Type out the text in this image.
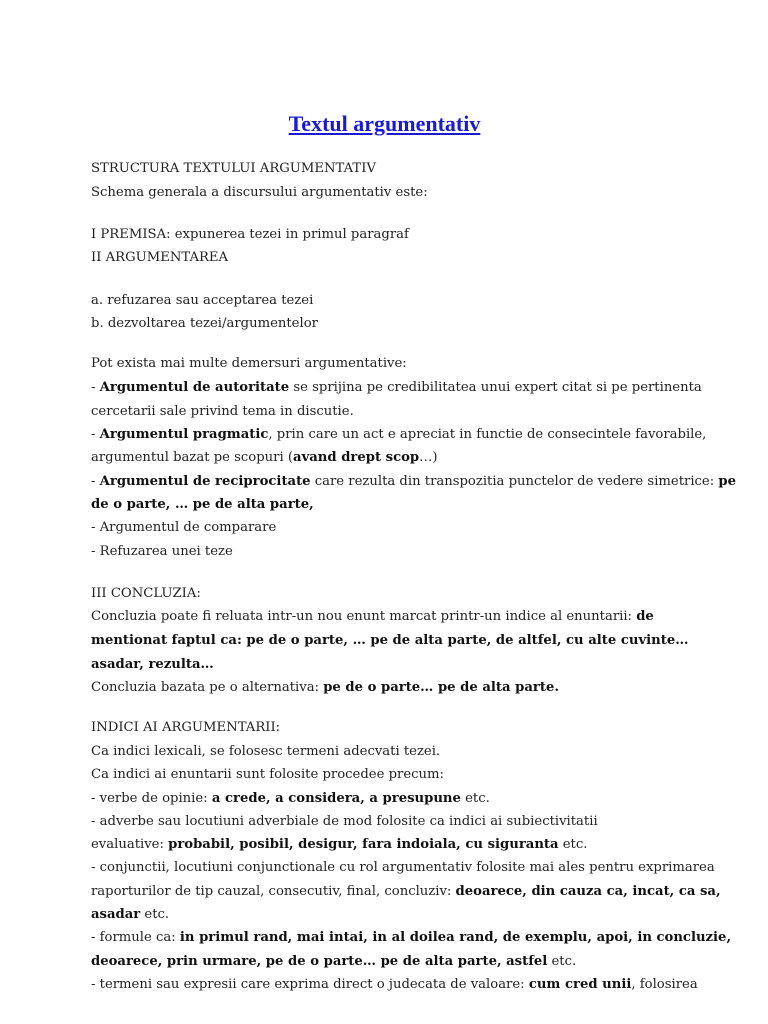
Textul argumentativ
STRUCTURA TEXTULUI ARGUMENTATIV
Schema generala a discursului argumentativ este:
I PREMISA: expunerea tezei in primul paragraf
II ARGUMENTAREA
a. refuzarea sau acceptarea tezei
b. dezvoltarea tezei/argumentelor
Pot exista mai multe demersuri argumentative:
- Argumentul de autoritate se sprijina pe credibilitatea unui expert citat si pe pertinenta
cercetarii sale privind tema in discutie.
- Argumentul pragmatic, prin care un act e apreciat in functie de consecintele favorabile,
argumentul bazat pe scopuri (avand drept scop…)
- Argumentul de reciprocitate care rezulta din transpozitia punctelor de vedere simetrice: pe
de o parte, … pe de alta parte,
- Argumentul de comparare
- Refuzarea unei teze
III CONCLUZIA:
Concluzia poate fi reluata intr-un nou enunt marcat printr-un indice al enuntarii: de
mentionat faptul ca: pe de o parte, … pe de alta parte, de altfel, cu alte cuvinte…
asadar, rezulta…
Concluzia bazata pe o alternativa: pe de o parte… pe de alta parte.
INDICI AI ARGUMENTARII:
Ca indici lexicali, se folosesc termeni adecvati tezei.
Ca indici ai enuntarii sunt folosite procedee precum:
- verbe de opinie: a crede, a considera, a presupune etc.
- adverbe sau locutiuni adverbiale de mod folosite ca indici ai subiectivitatii
evaluative: probabil, posibil, desigur, fara indoiala, cu siguranta etc.
- conjunctii, locutiuni conjunctionale cu rol argumentativ folosite mai ales pentru exprimarea
raporturilor de tip cauzal, consecutiv, final, concluziv: deoarece, din cauza ca, incat, ca sa,
asadar etc.
- formule ca: in primul rand, mai intai, in al doilea rand, de exemplu, apoi, in concluzie,
deoarece, prin urmare, pe de o parte… pe de alta parte, astfel etc.
- termeni sau expresii care exprima direct o judecata de valoare: cum cred unii, folosirea
